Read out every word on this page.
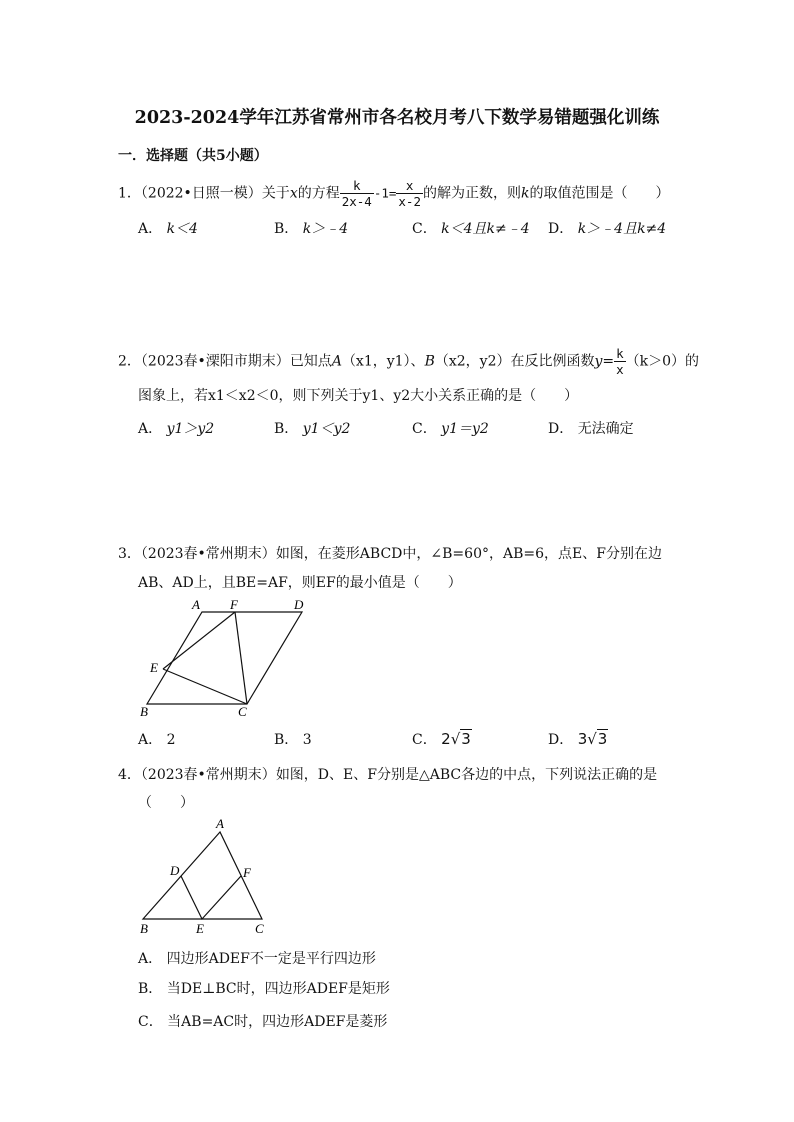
2023-2024学年江苏省常州市各名校月考八下数学易错题强化训练
一．选择题（共5小题）
1．（2022•日照一模）关于x的方程 $\frac{k}{2x-4} -1= \frac{x}{x-2}$ 的解为正数，则k的取值范围是（　　）
A． k＜4	B． k＞﹣4	C． k＜4且k≠﹣4 D． k＞﹣4且k≠4
2．（2023春•溧阳市期末）已知点A（x1，y1）、B（x2，y2）在反比例函数$y= \frac{k}{x} (k>0)$的
图象上，若x1＜x2＜0，则下列关于y1、y2大小关系正确的是（　　）
A． y1＞y2	B． y1＜y2	C． y1＝y2	D． 无法确定
3．（2023春•常州期末）如图，在菱形ABCD中，∠B=60°，AB=6，点E、F分别在边
AB、AD上，且BE=AF，则EF的最小值是（　　）
A F	D
E
B	C
A． 2	B． 3	C． 2√3	D． 3√3
4．（2023春•常州期末）如图，D、E、F分别是△ABC各边的中点，下列说法正确的是
（　　）
A
D	F
B	E	C
A． 四边形ADEF不一定是平行四边形
B． 当DE⊥BC时，四边形ADEF是矩形
C． 当AB=AC时，四边形ADEF是菱形
